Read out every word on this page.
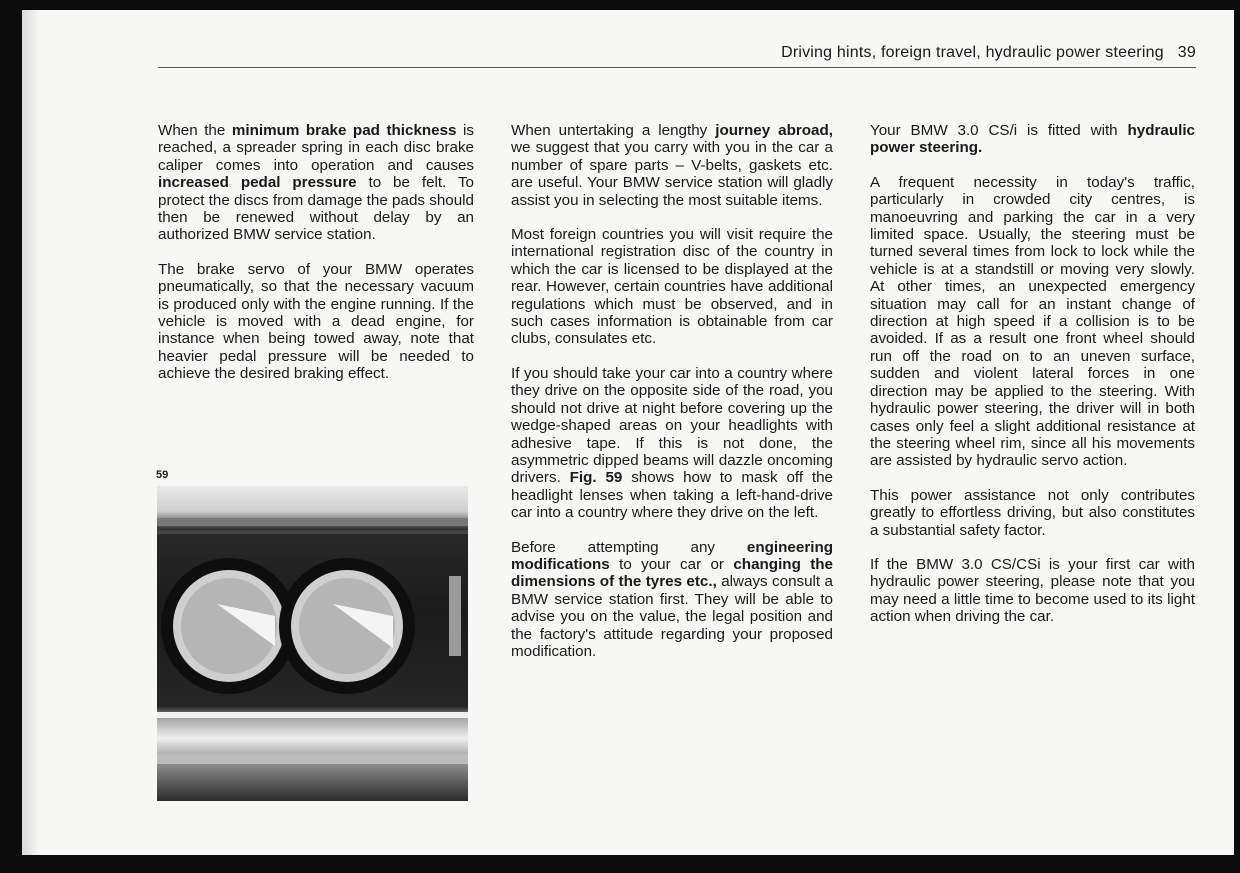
Driving hints, foreign travel, hydraulic power steering 39

When the minimum brake pad thickness is reached, a spreader spring in each disc brake caliper comes into operation and causes increased pedal pressure to be felt. To protect the discs from damage the pads should then be renewed without delay by an authorized BMW service station.

The brake servo of your BMW operates pneumatically, so that the necessary vacuum is produced only with the engine running. If the vehicle is moved with a dead engine, for instance when being towed away, note that heavier pedal pressure will be needed to achieve the desired braking effect.

59

When untertaking a lengthy journey abroad, we suggest that you carry with you in the car a number of spare parts – V-belts, gaskets etc. are useful. Your BMW service station will gladly assist you in selecting the most suitable items.

Most foreign countries you will visit require the international registration disc of the country in which the car is licensed to be displayed at the rear. However, certain countries have additional regulations which must be observed, and in such cases information is obtainable from car clubs, consulates etc.

If you should take your car into a country where they drive on the opposite side of the road, you should not drive at night before covering up the wedge-shaped areas on your headlights with adhesive tape. If this is not done, the asymmetric dipped beams will dazzle oncoming drivers. Fig. 59 shows how to mask off the headlight lenses when taking a left-hand-drive car into a country where they drive on the left.

Before attempting any engineering modifications to your car or changing the dimensions of the tyres etc., always consult a BMW service station first. They will be able to advise you on the value, the legal position and the factory's attitude regarding your proposed modification.

Your BMW 3.0 CS/i is fitted with hydraulic power steering.

A frequent necessity in today's traffic, particularly in crowded city centres, is manoeuvring and parking the car in a very limited space. Usually, the steering must be turned several times from lock to lock while the vehicle is at a standstill or moving very slowly. At other times, an unexpected emergency situation may call for an instant change of direction at high speed if a collision is to be avoided. If as a result one front wheel should run off the road on to an uneven surface, sudden and violent lateral forces in one direction may be applied to the steering. With hydraulic power steering, the driver will in both cases only feel a slight additional resistance at the steering wheel rim, since all his movements are assisted by hydraulic servo action.

This power assistance not only contributes greatly to effortless driving, but also constitutes a substantial safety factor.

If the BMW 3.0 CS/CSi is your first car with hydraulic power steering, please note that you may need a little time to become used to its light action when driving the car.
